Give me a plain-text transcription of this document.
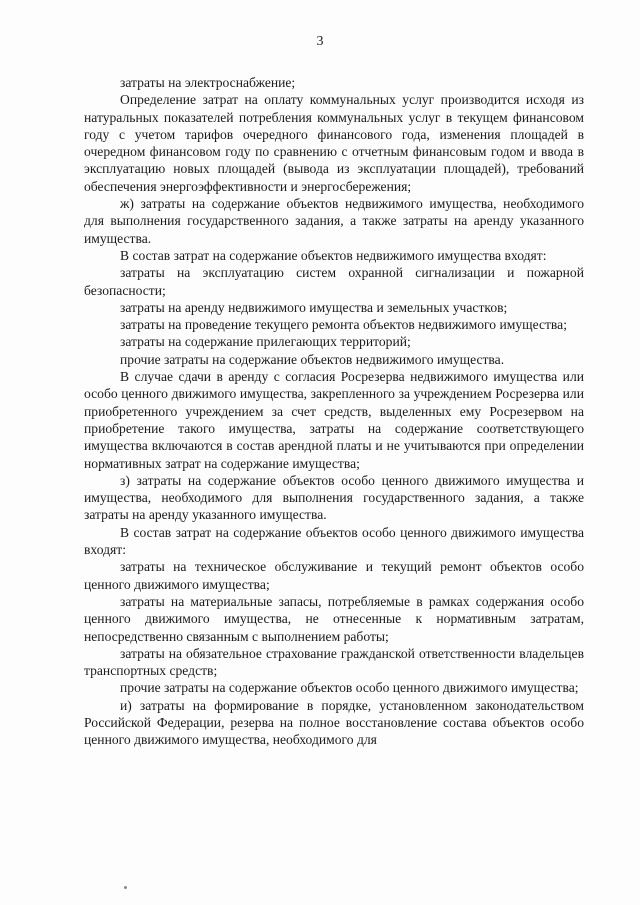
3

затраты на электроснабжение;

Определение затрат на оплату коммунальных услуг производится исходя из натуральных показателей потребления коммунальных услуг в текущем финансовом году с учетом тарифов очередного финансового года, изменения площадей в очередном финансовом году по сравнению с отчетным финансовым годом и ввода в эксплуатацию новых площадей (вывода из эксплуатации площадей), требований обеспечения энергоэффективности и энергосбережения;

ж) затраты на содержание объектов недвижимого имущества, необходимого для выполнения государственного задания, а также затраты на аренду указанного имущества.

В состав затрат на содержание объектов недвижимого имущества входят:

затраты на эксплуатацию систем охранной сигнализации и пожарной безопасности;

затраты на аренду недвижимого имущества и земельных участков;

затраты на проведение текущего ремонта объектов недвижимого имущества;

затраты на содержание прилегающих территорий;

прочие затраты на содержание объектов недвижимого имущества.

В случае сдачи в аренду с согласия Росрезерва недвижимого имущества или особо ценного движимого имущества, закрепленного за учреждением Росрезерва или приобретенного учреждением за счет средств, выделенных ему Росрезервом на приобретение такого имущества, затраты на содержание соответствующего имущества включаются в состав арендной платы и не учитываются при определении нормативных затрат на содержание имущества;

з) затраты на содержание объектов особо ценного движимого имущества и имущества, необходимого для выполнения государственного задания, а также затраты на аренду указанного имущества.

В состав затрат на содержание объектов особо ценного движимого имущества входят:

затраты на техническое обслуживание и текущий ремонт объектов особо ценного движимого имущества;

затраты на материальные запасы, потребляемые в рамках содержания особо ценного движимого имущества, не отнесенные к нормативным затратам, непосредственно связанным с выполнением работы;

затраты на обязательное страхование гражданской ответственности владельцев транспортных средств;

прочие затраты на содержание объектов особо ценного движимого имущества;

и) затраты на формирование в порядке, установленном законодательством Российской Федерации, резерва на полное восстановление состава объектов особо ценного движимого имущества, необходимого для
